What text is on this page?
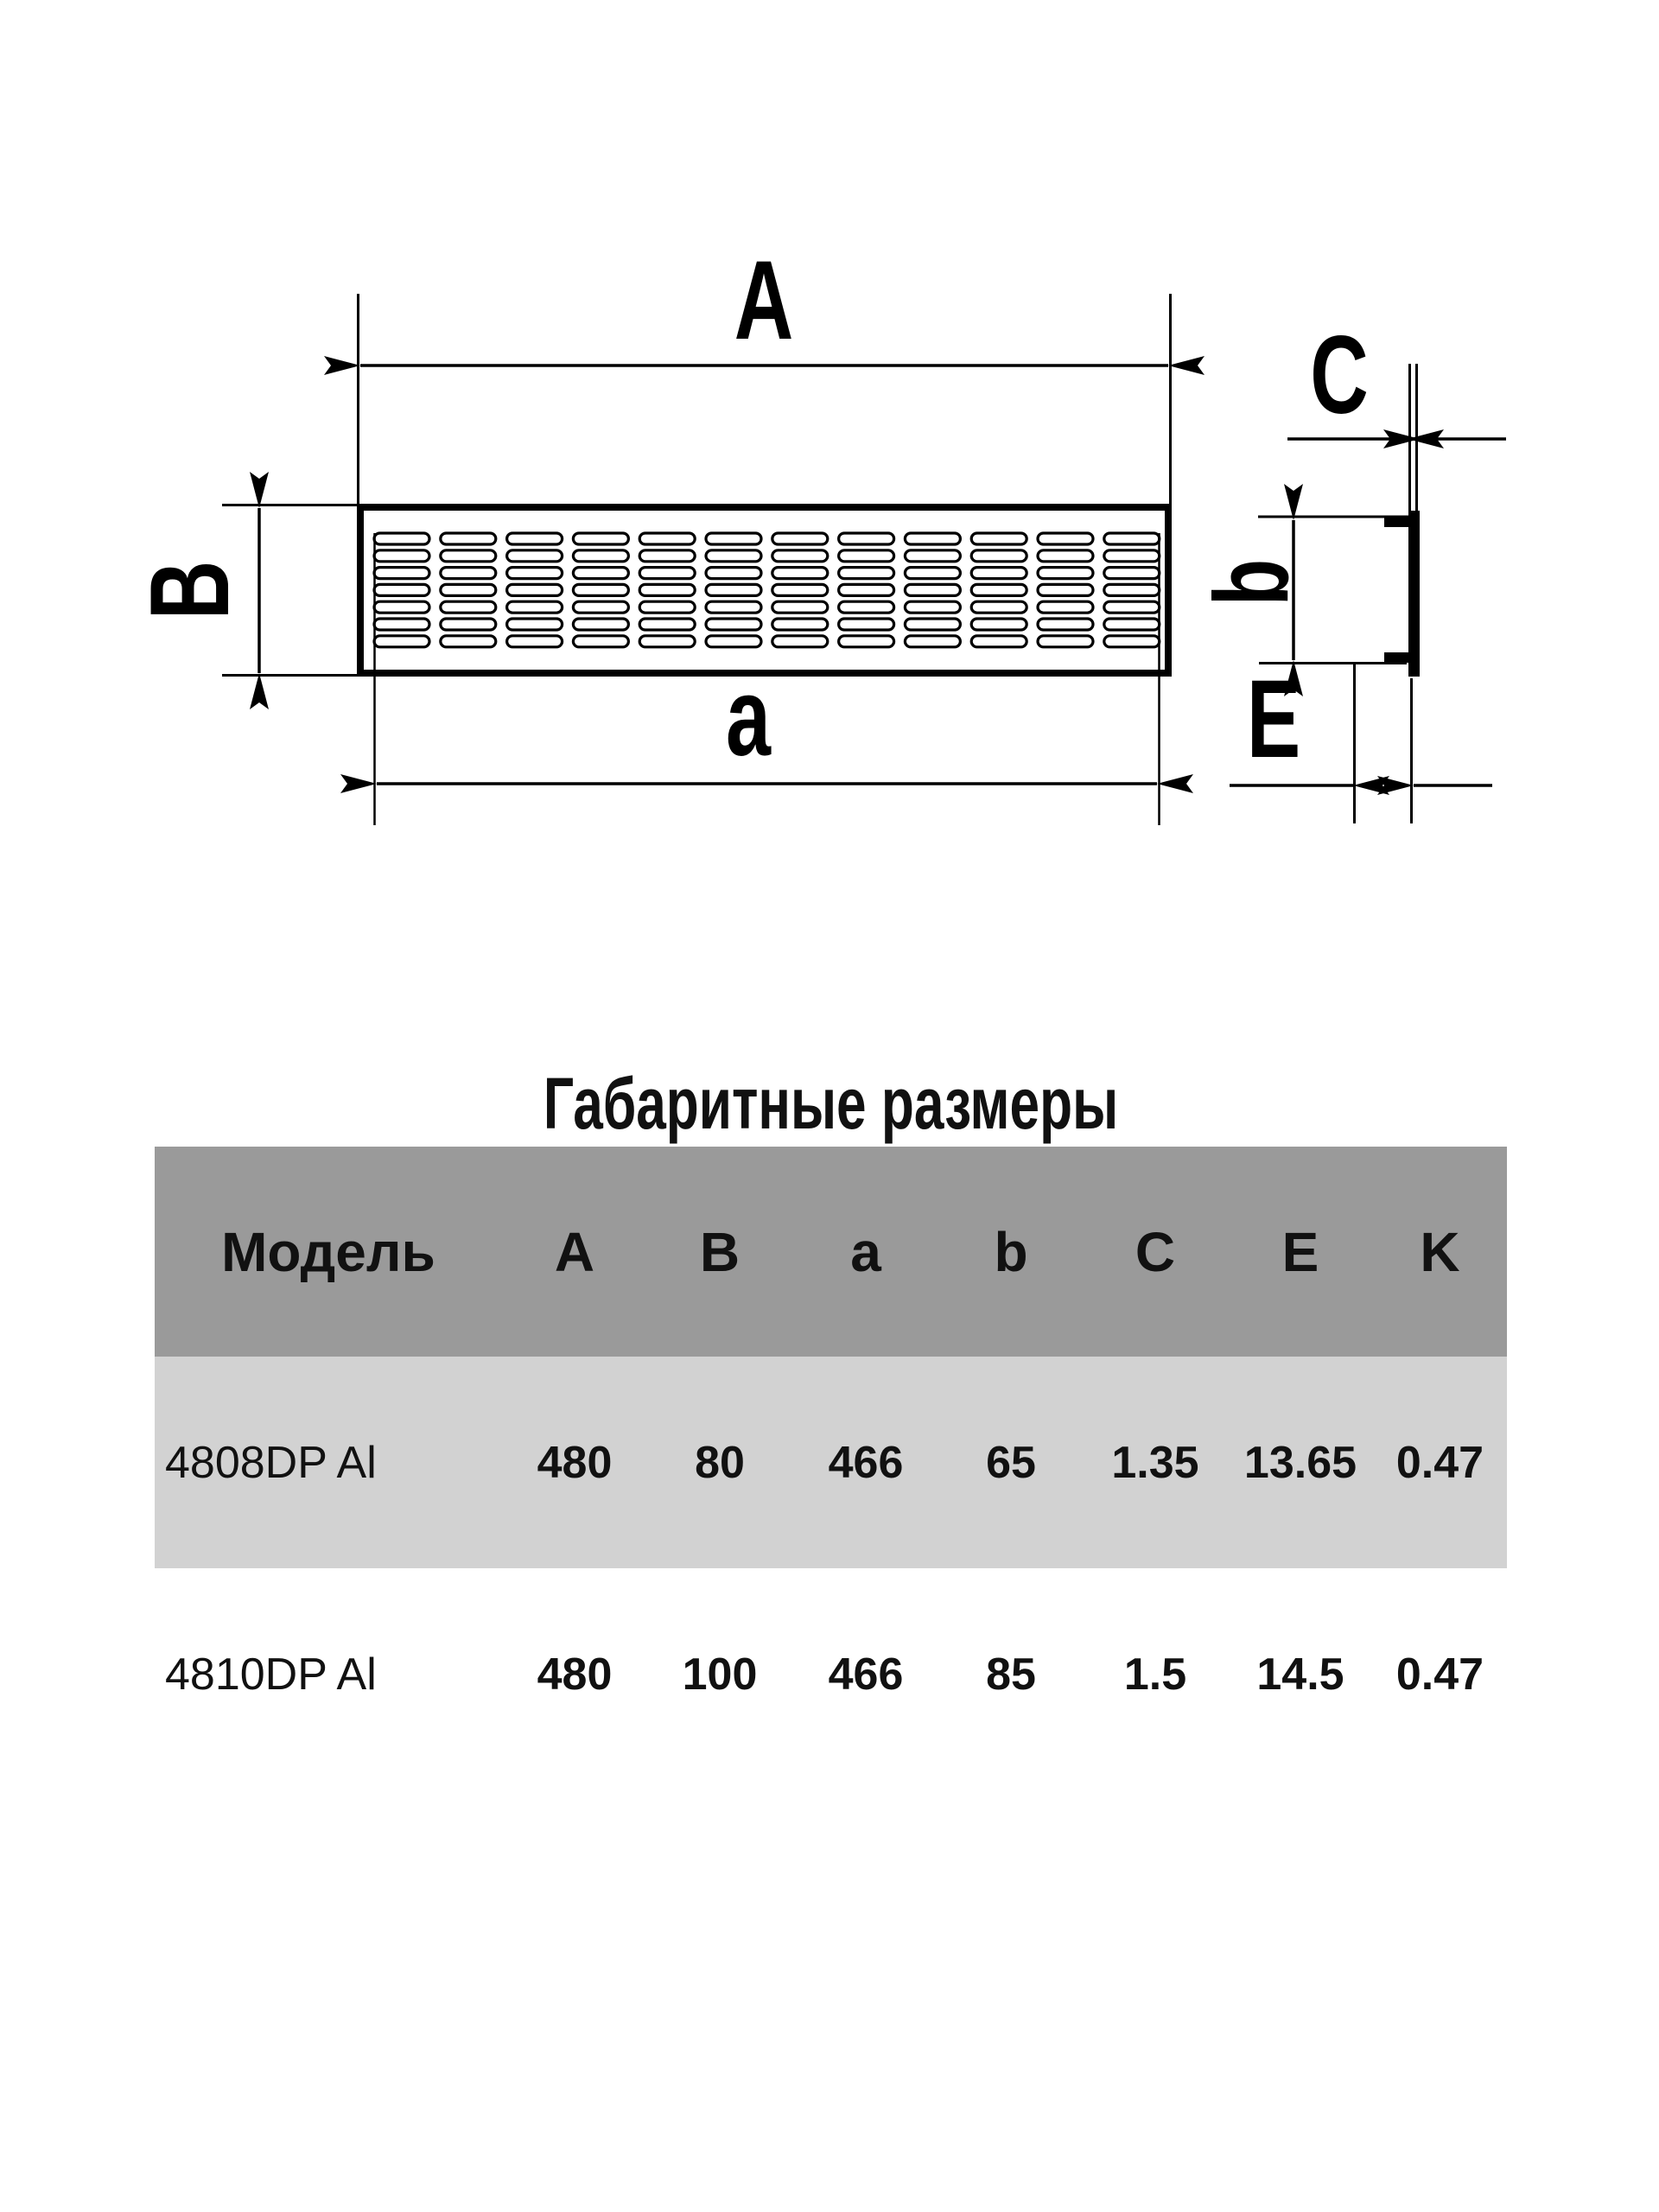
A
B
a
C
b
E
Габаритные размеры
Модель A B a b C E K
4808DP Al	480 80 466 65 1.35 13.65 0.47
4810DP Al	480 100 466 85 1.5 14.5 0.47
